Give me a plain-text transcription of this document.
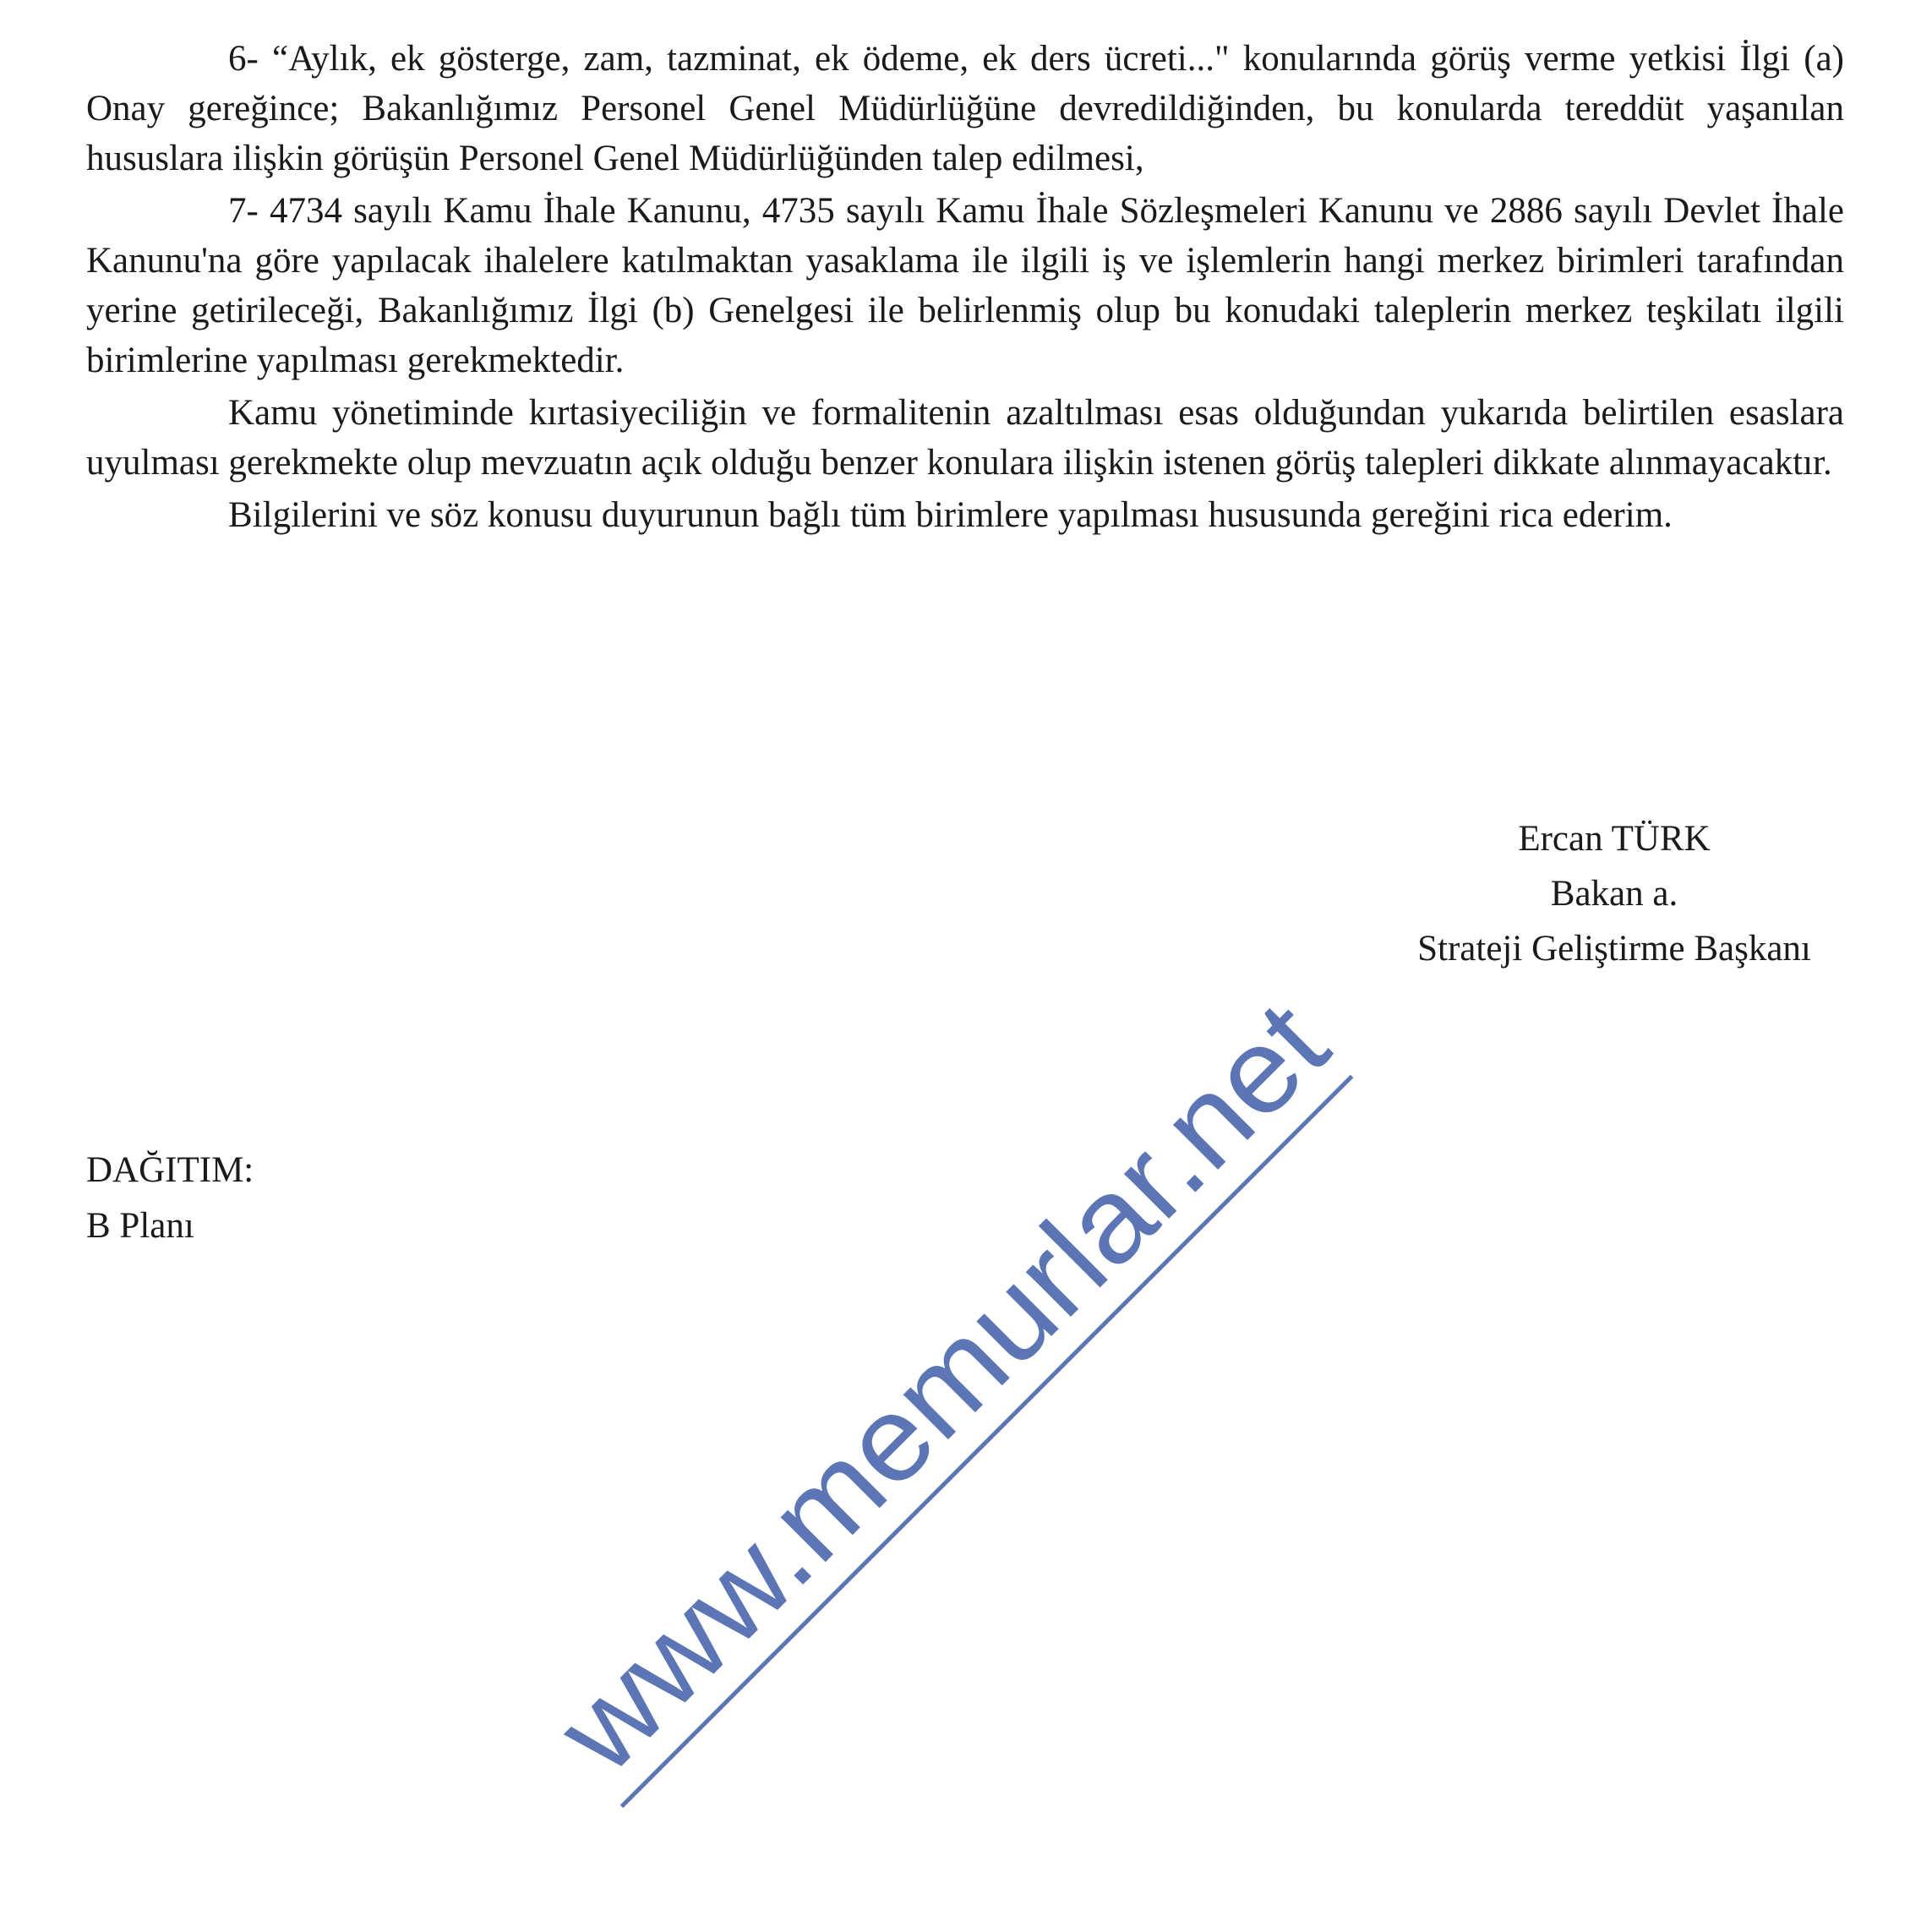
6- “Aylık, ek gösterge, zam, tazminat, ek ödeme, ek ders ücreti..." konularında görüş verme yetkisi İlgi (a) Onay gereğince; Bakanlığımız Personel Genel Müdürlüğüne devredildiğinden, bu konularda tereddüt yaşanılan hususlara ilişkin görüşün Personel Genel Müdürlüğünden talep edilmesi,

7- 4734 sayılı Kamu İhale Kanunu, 4735 sayılı Kamu İhale Sözleşmeleri Kanunu ve 2886 sayılı Devlet İhale Kanunu'na göre yapılacak ihalelere katılmaktan yasaklama ile ilgili iş ve işlemlerin hangi merkez birimleri tarafından yerine getirileceği, Bakanlığımız İlgi (b) Genelgesi ile belirlenmiş olup bu konudaki taleplerin merkez teşkilatı ilgili birimlerine yapılması gerekmektedir.

Kamu yönetiminde kırtasiyeciliğin ve formalitenin azaltılması esas olduğundan yukarıda belirtilen esaslara uyulması gerekmekte olup mevzuatın açık olduğu benzer konulara ilişkin istenen görüş talepleri dikkate alınmayacaktır.

Bilgilerini ve söz konusu duyurunun bağlı tüm birimlere yapılması hususunda gereğini rica ederim.

Ercan TÜRK
Bakan a.
Strateji Geliştirme Başkanı
DAĞITIM:
B Planı	www.memurlar.net
